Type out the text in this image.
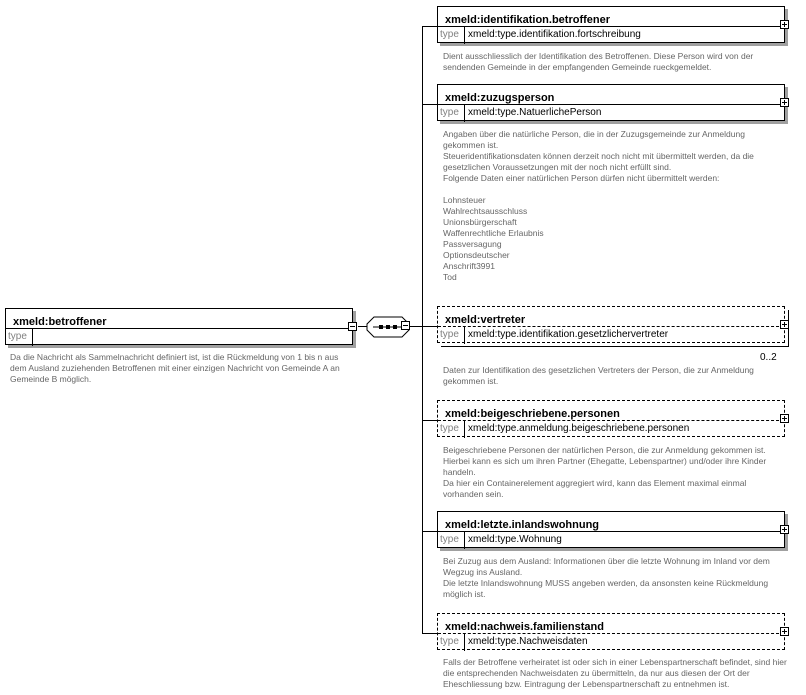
xmeld:betroffener
type
Da die Nachricht als Sammelnachricht definiert ist, ist die Rückmeldung von 1 bis n aus dem Ausland zuziehenden Betroffenen mit einer einzigen Nachricht von Gemeinde A an Gemeinde B möglich.
xmeld:identifikation.betroffener
type xmeld:type.identifikation.fortschreibung
Dient ausschliesslich der Identifikation des Betroffenen. Diese Person wird von der sendenden Gemeinde in der empfangenden Gemeinde rueckgemeldet.
xmeld:zuzugsperson
type xmeld:type.NatuerlichePerson
Angaben über die natürliche Person, die in der Zuzugsgemeinde zur Anmeldung gekommen ist.
Steueridentifikationsdaten können derzeit noch nicht mit übermittelt werden, da die gesetzlichen Voraussetzungen mit der noch nicht erfüllt sind.
Folgende Daten einer natürlichen Person dürfen nicht übermittelt werden:

Lohnsteuer
Wahlrechtsausschluss
Unionsbürgerschaft
Waffenrechtliche Erlaubnis
Passversagung
Optionsdeutscher
Anschrift3991
Tod
xmeld:vertreter
type xmeld:type.identifikation.gesetzlichervertreter
0..2
Daten zur Identifikation des gesetzlichen Vertreters der Person, die zur Anmeldung gekommen ist.
xmeld:beigeschriebene.personen
type xmeld:type.anmeldung.beigeschriebene.personen
Beigeschriebene Personen der natürlichen Person, die zur Anmeldung gekommen ist. Hierbei kann es sich um ihren Partner (Ehegatte, Lebenspartner) und/oder ihre Kinder handeln.
Da hier ein Containerelement aggregiert wird, kann das Element maximal einmal vorhanden sein.
xmeld:letzte.inlandswohnung
type xmeld:type.Wohnung
Bei Zuzug aus dem Ausland: Informationen über die letzte Wohnung im Inland vor dem Wegzug ins Ausland.
Die letzte Inlandswohnung MUSS angeben werden, da ansonsten keine Rückmeldung möglich ist.
xmeld:nachweis.familienstand
type xmeld:type.Nachweisdaten
Falls der Betroffene verheiratet ist oder sich in einer Lebenspartnerschaft befindet, sind hier die entsprechenden Nachweisdaten zu übermitteln, da nur aus diesen der Ort der Eheschliessung bzw. Eintragung der Lebenspartnerschaft zu entnehmen ist.
